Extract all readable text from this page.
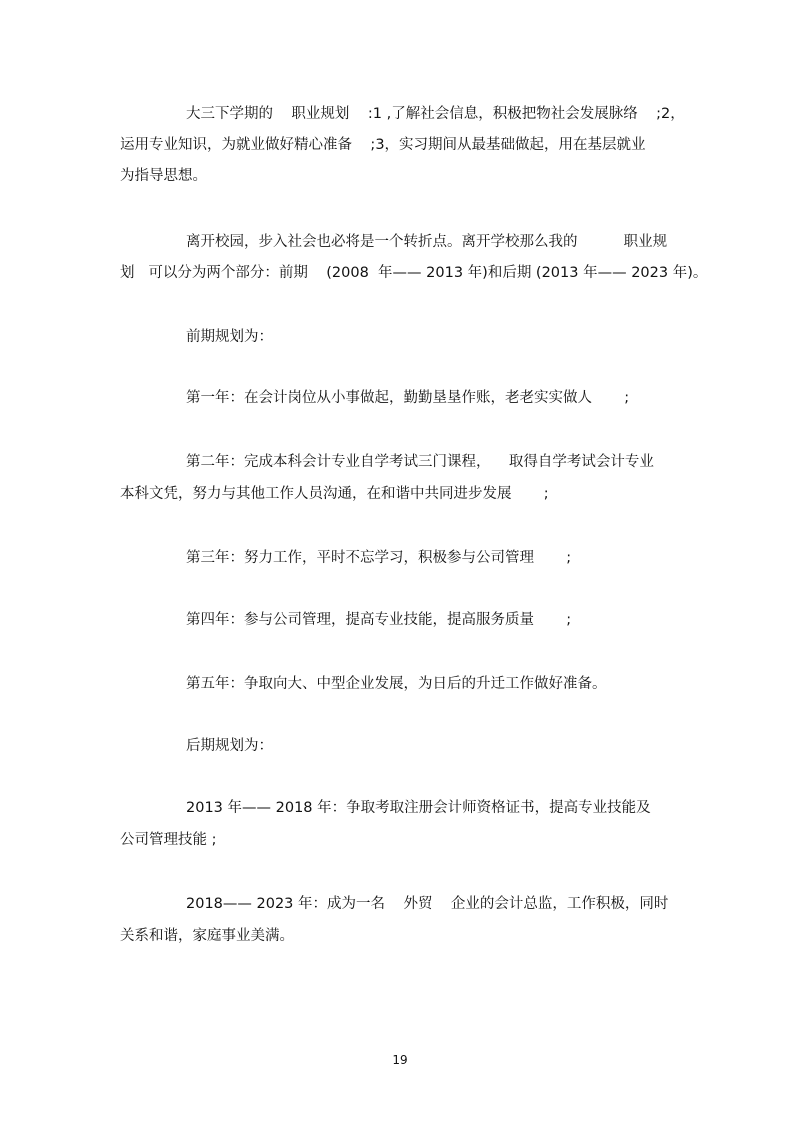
大三下学期的    职业规划    :1 ,了解社会信息，积极把物社会发展脉络    ;2，

运用专业知识，为就业做好精心准备    ;3，实习期间从最基础做起，用在基层就业

为指导思想。

离开校园，步入社会也必将是一个转折点。离开学校那么我的          职业规

划   可以分为两个部分：前期    (2008  年—— 2013 年)和后期 (2013 年—— 2023 年)。

前期规划为：

第一年：在会计岗位从小事做起，勤勤垦垦作账，老老实实做人       ;

第二年：完成本科会计专业自学考试三门课程，    取得自学考试会计专业

本科文凭，努力与其他工作人员沟通，在和谐中共同进步发展       ;

第三年：努力工作，平时不忘学习，积极参与公司管理       ;

第四年：参与公司管理，提高专业技能，提高服务质量       ;

第五年：争取向大、中型企业发展，为日后的升迁工作做好准备。

后期规划为：

2013 年—— 2018 年：争取考取注册会计师资格证书，提高专业技能及

公司管理技能 ;

2018—— 2023 年：成为一名    外贸    企业的会计总监，工作积极，同时

关系和谐，家庭事业美满。

19
